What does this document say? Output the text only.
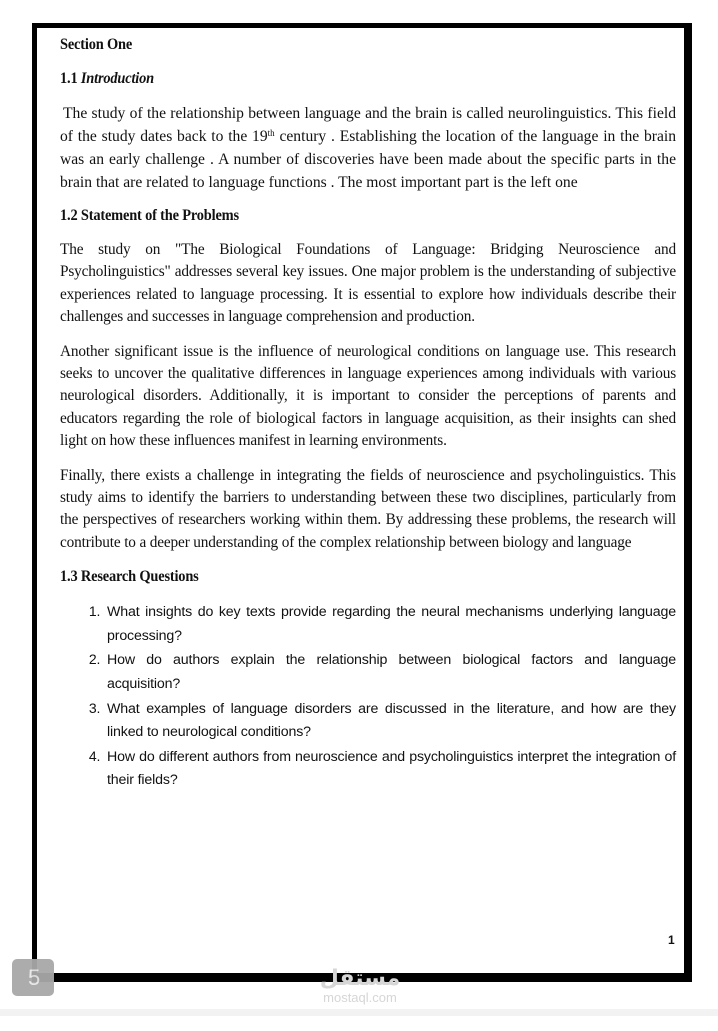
Section One

1.1 Introduction

The study of the relationship between language and the brain is called neurolinguistics. This field of the study dates back to the 19th century . Establishing the location of the language in the brain was an early challenge . A number of discoveries have been made about the specific parts in the brain that are related to language functions . The most important part is the left one

1.2 Statement of the Problems

The study on "The Biological Foundations of Language: Bridging Neuroscience and Psycholinguistics" addresses several key issues. One major problem is the understanding of subjective experiences related to language processing. It is essential to explore how individuals describe their challenges and successes in language comprehension and production.

Another significant issue is the influence of neurological conditions on language use. This research seeks to uncover the qualitative differences in language experiences among individuals with various neurological disorders. Additionally, it is important to consider the perceptions of parents and educators regarding the role of biological factors in language acquisition, as their insights can shed light on how these influences manifest in learning environments.

Finally, there exists a challenge in integrating the fields of neuroscience and psycholinguistics. This study aims to identify the barriers to understanding between these two disciplines, particularly from the perspectives of researchers working within them. By addressing these problems, the research will contribute to a deeper understanding of the complex relationship between biology and language

1.3 Research Questions

1. What insights do key texts provide regarding the neural mechanisms underlying language processing?
2. How do authors explain the relationship between biological factors and language acquisition?
3. What examples of language disorders are discussed in the literature, and how are they linked to neurological conditions?
4. How do different authors from neuroscience and psycholinguistics interpret the integration of their fields?
1
5	مستقل
mostaql.com
